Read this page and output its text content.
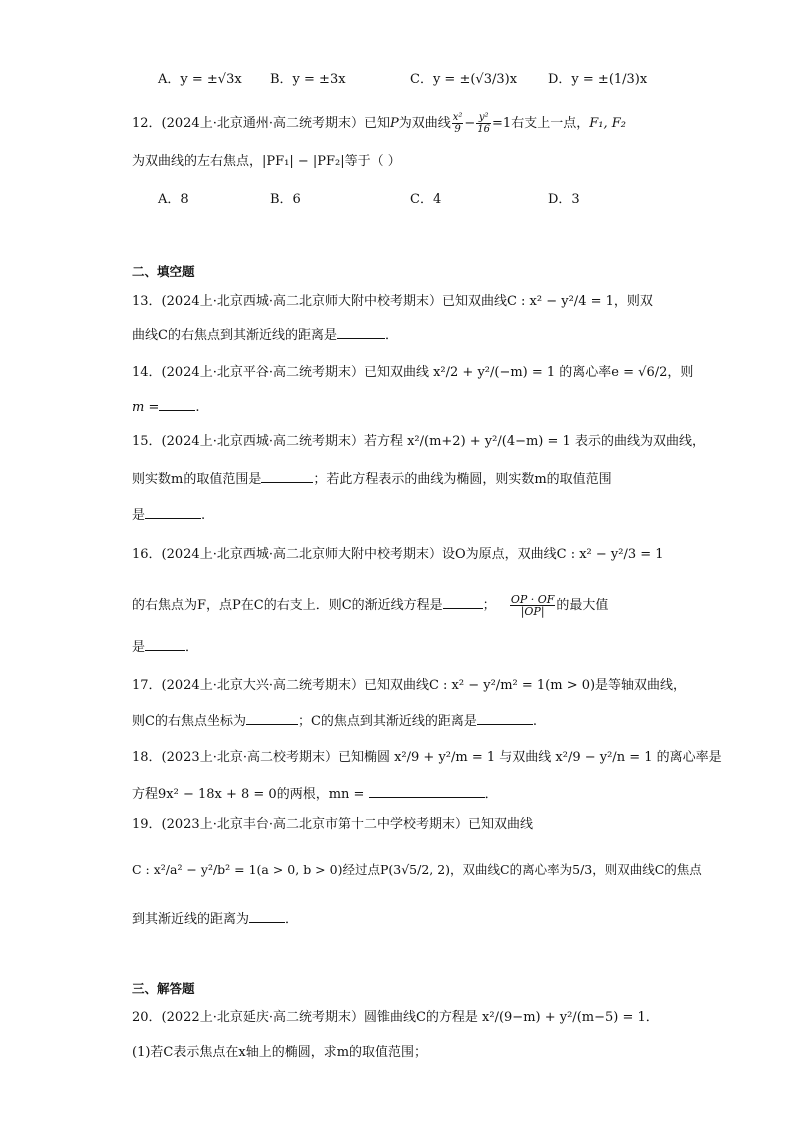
A．y = ±√3x B．y = ±3x	C．y = ±(√3/3)x D．y = ±(1/3)x
12．(2024上·北京通州·高二统考期末）已知P为双曲线 $\frac{\text{x²}}{9} - \frac{\text{y²}}{16} =1$右支上一点，F₁, F₂
为双曲线的左右焦点，|PF₁| − |PF₂|等于（ ）
A．8	B．6	C．4	D．3
二、填空题
13．(2024上·北京西城·高二北京师大附中校考期末）已知双曲线C : x² − y²/4 = 1，则双
曲线C的右焦点到其渐近线的距离是	．
14．(2024上·北京平谷·高二统考期末）已知双曲线 x²/2 + y²/(−m) = 1 的离心率e = √6/2，则
m =	.
15．(2024上·北京西城·高二统考期末）若方程 x²/(m+2) + y²/(4−m) = 1 表示的曲线为双曲线，
则实数m的取值范围是	；若此方程表示的曲线为椭圆，则实数m的取值范围
是	.
16．(2024上·北京西城·高二北京师大附中校考期末）设O为原点，双曲线C : x² − y²/3 = 1
的右焦点为F，点P在C的右支上．则C的渐近线方程是	； $\frac{OP \cdot OF}{|OP|}$ 的最大值
是	．
17．(2024上·北京大兴·高二统考期末）已知双曲线C : x² − y²/m² = 1(m > 0)是等轴双曲线，
则C的右焦点坐标为	；C的焦点到其渐近线的距离是	.
18．(2023上·北京·高二校考期末）已知椭圆 x²/9 + y²/m = 1 与双曲线 x²/9 − y²/n = 1 的离心率是
方程9x² − 18x + 8 = 0的两根，mn =	．
19．(2023上·北京丰台·高二北京市第十二中学校考期末）已知双曲线
C : x²/a² − y²/b² = 1(a > 0, b > 0)经过点P(3√5/2, 2)，双曲线C的离心率为5/3，则双曲线C的焦点
到其渐近线的距离为	．
三、解答题
20．(2022上·北京延庆·高二统考期末）圆锥曲线C的方程是 x²/(9−m) + y²/(m−5) = 1．
(1)若C表示焦点在x轴上的椭圆，求m的取值范围；
